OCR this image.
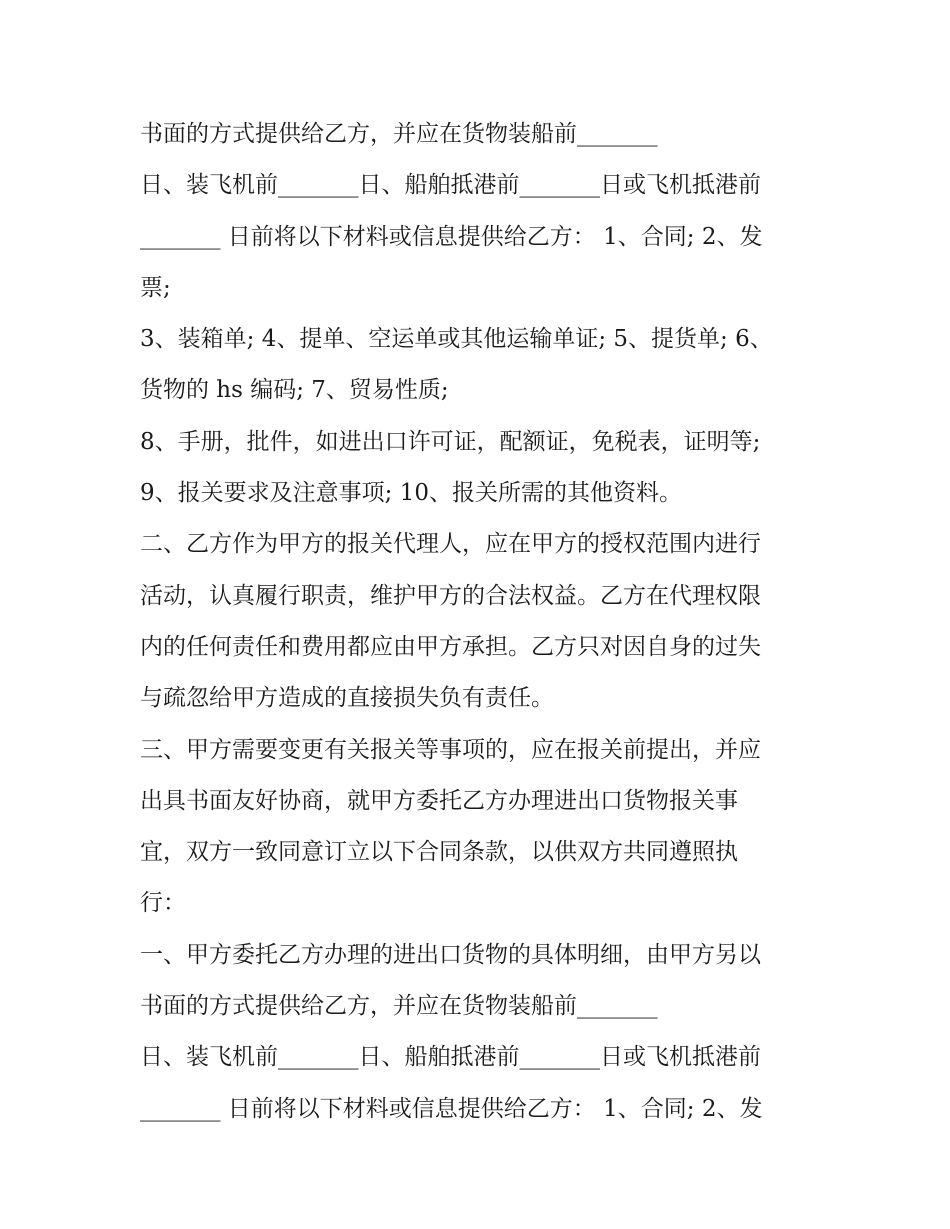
书面的方式提供给乙方，并应在货物装船前_______
日、装飞机前_______日、船舶抵港前_______日或飞机抵港前
_______ 日前将以下材料或信息提供给乙方： 1、合同; 2、发
票;
3、装箱单; 4、提单、空运单或其他运输单证; 5、提货单; 6、
货物的 hs 编码; 7、贸易性质;
8、手册，批件，如进出口许可证，配额证，免税表，证明等;
9、报关要求及注意事项; 10、报关所需的其他资料。
二、乙方作为甲方的报关代理人，应在甲方的授权范围内进行
活动，认真履行职责，维护甲方的合法权益。乙方在代理权限
内的任何责任和费用都应由甲方承担。乙方只对因自身的过失
与疏忽给甲方造成的直接损失负有责任。
三、甲方需要变更有关报关等事项的，应在报关前提出，并应
出具书面友好协商，就甲方委托乙方办理进出口货物报关事
宜，双方一致同意订立以下合同条款，以供双方共同遵照执
行：
一、甲方委托乙方办理的进出口货物的具体明细，由甲方另以
书面的方式提供给乙方，并应在货物装船前_______
日、装飞机前_______日、船舶抵港前_______日或飞机抵港前
_______ 日前将以下材料或信息提供给乙方： 1、合同; 2、发
